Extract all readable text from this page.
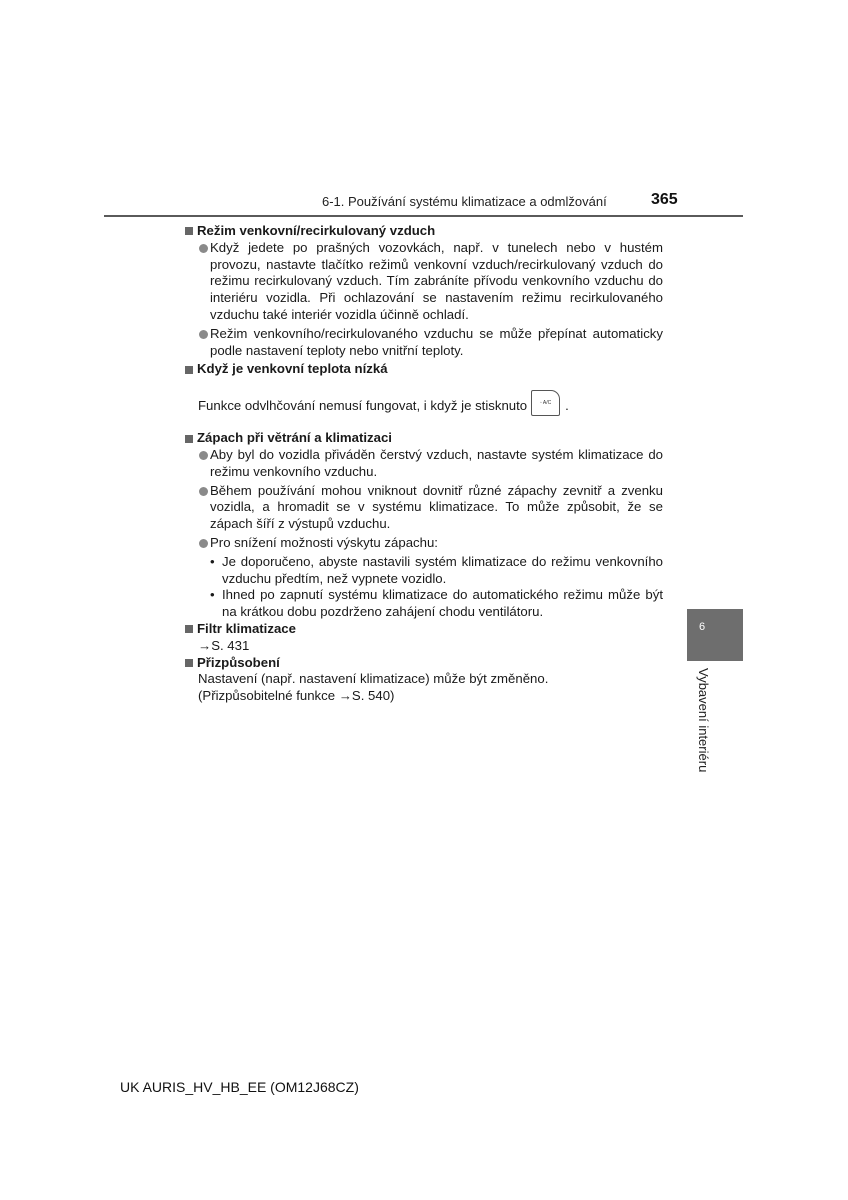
6-1. Používání systému klimatizace a odmlžování	365
6
Vybavení interiéru
Režim venkovní/recirkulovaný vzduch
Když jedete po prašných vozovkách, např. v tunelech nebo v hustém provozu, nastavte tlačítko režimů venkovní vzduch/recirkulovaný vzduch do režimu recirkulovaný vzduch. Tím zabráníte přívodu venkovního vzduchu do interiéru vozidla. Při ochlazování se nastavením režimu recirkulovaného vzduchu také interiér vozidla účinně ochladí.
Režim venkovního/recirkulovaného vzduchu se může přepínat automaticky podle nastavení teploty nebo vnitřní teploty.
Když je venkovní teplota nízká
Funkce odvlhčování nemusí fungovat, i když je stisknuto	◦ A/C	.
Zápach při větrání a klimatizaci
Aby byl do vozidla přiváděn čerstvý vzduch, nastavte systém klimatizace do režimu venkovního vzduchu.
Během používání mohou vniknout dovnitř různé zápachy zevnitř a zvenku vozidla, a hromadit se v systému klimatizace. To může způsobit, že se zápach šíří z výstupů vzduchu.
Pro snížení možnosti výskytu zápachu:
• Je doporučeno, abyste nastavili systém klimatizace do režimu venkovního vzduchu předtím, než vypnete vozidlo.
• Ihned po zapnutí systému klimatizace do automatického režimu může být na krátkou dobu pozdrženo zahájení chodu ventilátoru.
Filtr klimatizace
→S. 431
Přizpůsobení
Nastavení (např. nastavení klimatizace) může být změněno.
(Přizpůsobitelné funkce →S. 540)
UK AURIS_HV_HB_EE (OM12J68CZ)
